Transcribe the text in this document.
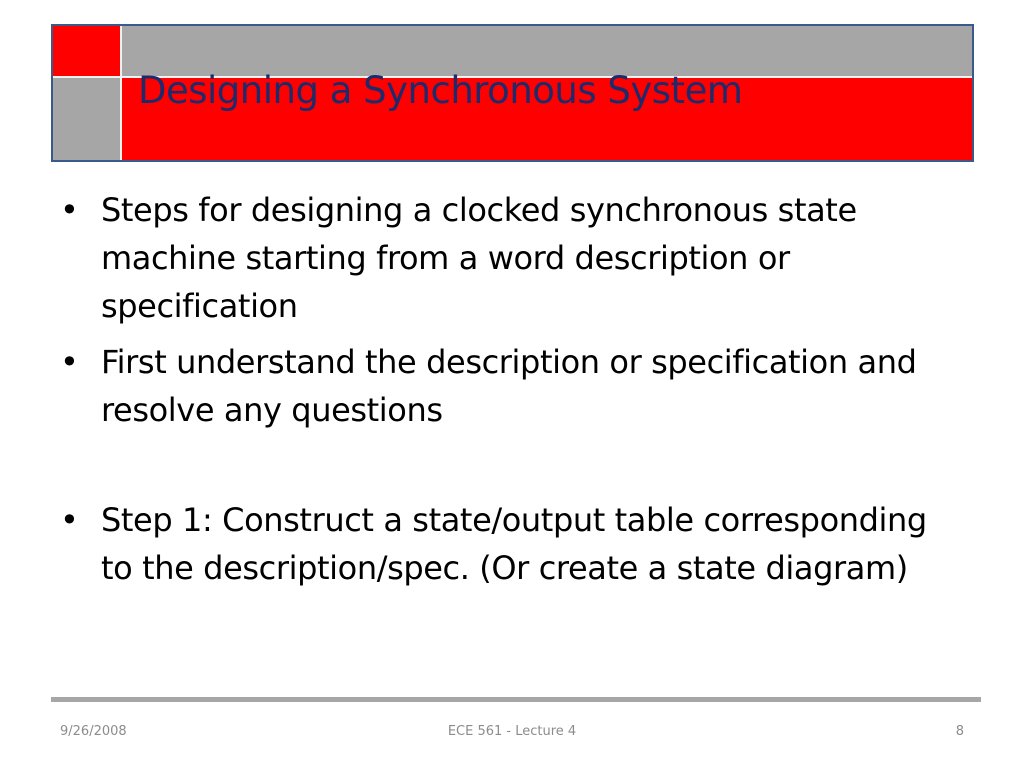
Designing a Synchronous System
• Steps for designing a clocked synchronous state machine starting from a word description or specification
• First understand the description or specification and resolve any questions
• Step 1: Construct a state/output table corresponding to the description/spec. (Or create a state diagram)
9/26/2008	ECE 561 - Lecture 4	8
